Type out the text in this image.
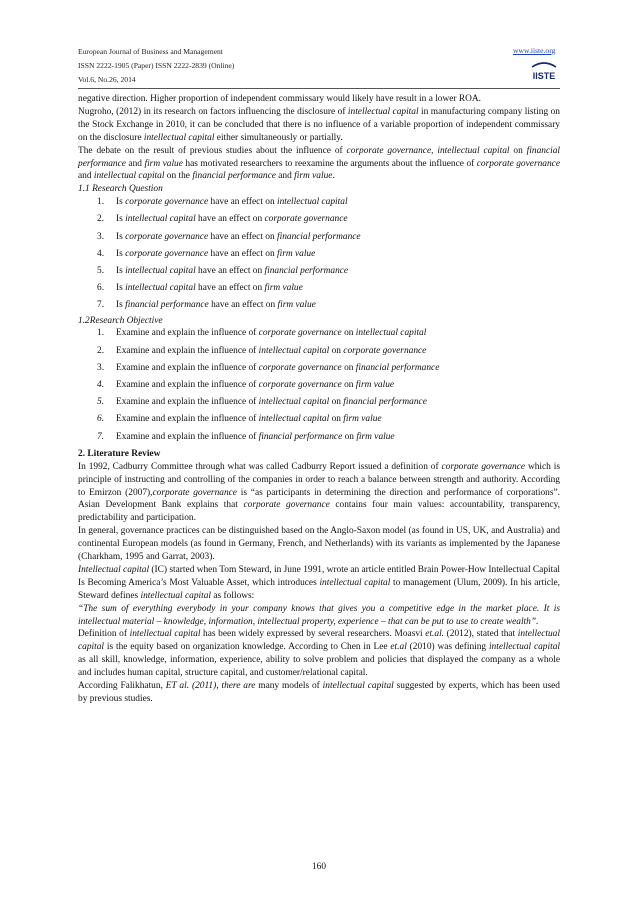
European Journal of Business and Management
ISSN 2222-1905 (Paper) ISSN 2222-2839 (Online)
Vol.6, No.26, 2014
www.iiste.org
IISTE

negative direction. Higher proportion of independent commissary would likely have result in a lower ROA.

Nugroho, (2012) in its research on factors influencing the disclosure of intellectual capital in manufacturing company listing on the Stock Exchange in 2010, it can be concluded that there is no influence of a variable proportion of independent commissary on the disclosure intellectual capital either simultaneously or partially.

The debate on the result of previous studies about the influence of corporate governance, intellectual capital on financial performance and firm value has motivated researchers to reexamine the arguments about the influence of corporate governance and intellectual capital on the financial performance and firm value.

1.1 Research Question

1. Is corporate governance have an effect on intellectual capital
2. Is intellectual capital have an effect on corporate governance
3. Is corporate governance have an effect on financial performance
4. Is corporate governance have an effect on firm value
5. Is intellectual capital have an effect on financial performance
6. Is intellectual capital have an effect on firm value
7. Is financial performance have an effect on firm value

1.2Research Objective

1. Examine and explain the influence of corporate governance on intellectual capital
2. Examine and explain the influence of intellectual capital on corporate governance
3. Examine and explain the influence of corporate governance on financial performance
4. Examine and explain the influence of corporate governance on firm value
5. Examine and explain the influence of intellectual capital on financial performance
6. Examine and explain the influence of intellectual capital on firm value
7. Examine and explain the influence of financial performance on firm value

2. Literature Review

In 1992, Cadburry Committee through what was called Cadburry Report issued a definition of corporate governance which is principle of instructing and controlling of the companies in order to reach a balance between strength and authority. According to Emirzon (2007),corporate governance is “as participants in determining the direction and performance of corporations”. Asian Development Bank explains that corporate governance contains four main values: accountability, transparency, predictability and participation.

In general, governance practices can be distinguished based on the Anglo-Saxon model (as found in US, UK, and Australia) and continental European models (as found in Germany, French, and Netherlands) with its variants as implemented by the Japanese (Charkham, 1995 and Garrat, 2003).

Intellectual capital (IC) started when Tom Steward, in June 1991, wrote an article entitled Brain Power-How Intellectual Capital Is Becoming America’s Most Valuable Asset, which introduces intellectual capital to management (Ulum, 2009). In his article, Steward defines intellectual capital as follows:

“The sum of everything everybody in your company knows that gives you a competitive edge in the market place. It is intellectual material – knowledge, information, intellectual property, experience – that can be put to use to create wealth”.

Definition of intellectual capital has been widely expressed by several researchers. Moasvi et.al. (2012), stated that intellectual capital is the equity based on organization knowledge. According to Chen in Lee et.al (2010) was defining intellectual capital as all skill, knowledge, information, experience, ability to solve problem and policies that displayed the company as a whole and includes human capital, structure capital, and customer/relational capital.

According Falikhatun, ET al. (2011), there are many models of intellectual capital suggested by experts, which has been used by previous studies.

160
